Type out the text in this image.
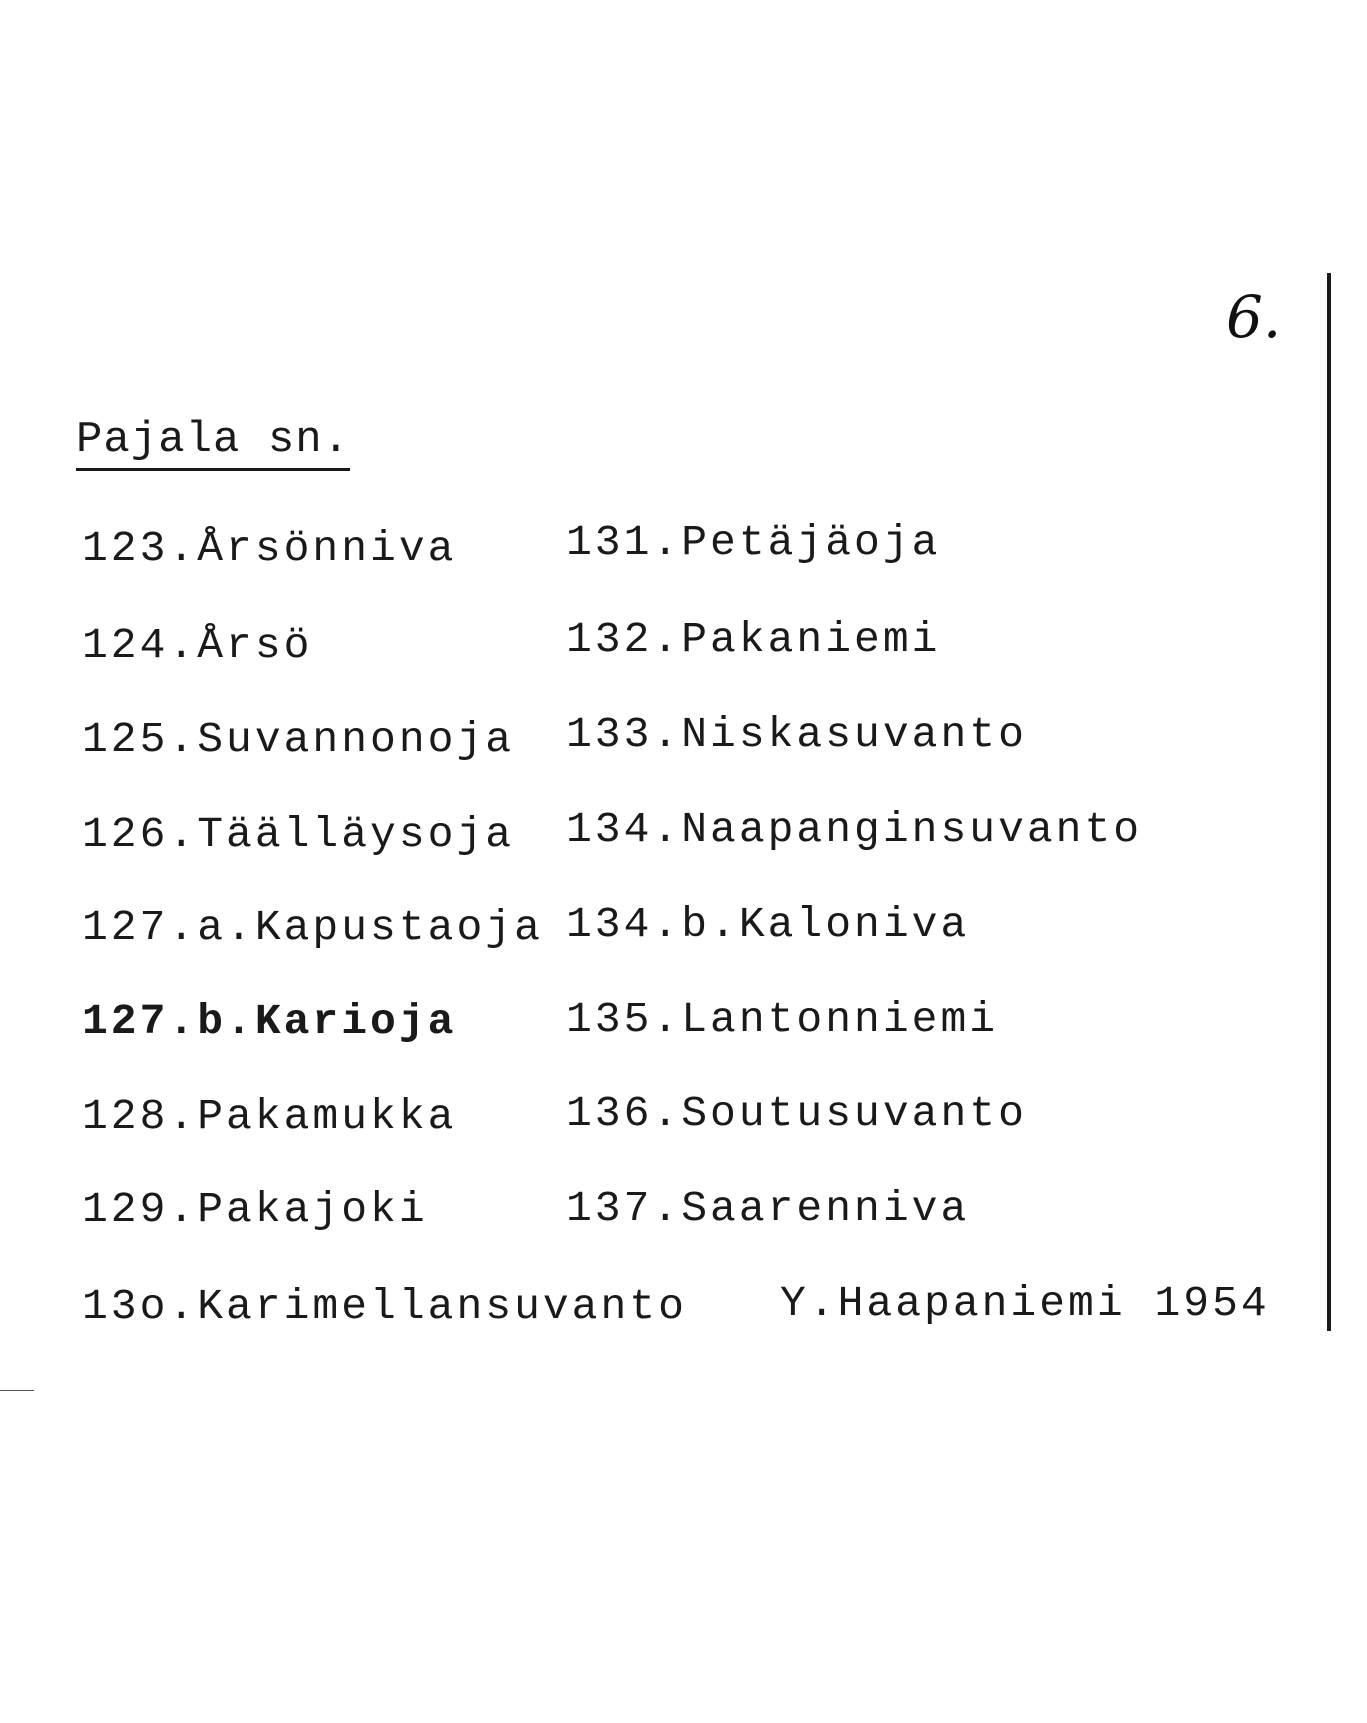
6.
Pajala sn.
123.Årsönniva
124.Årsö
125.Suvannonoja
126.Täälläysoja
127.a.Kapustaoja
127.b.Karioja
128.Pakamukka
129.Pakajoki
13o.Karimellansuvanto
131.Petäjäoja
132.Pakaniemi
133.Niskasuvanto
134.Naapanginsuvanto
134.b.Kaloniva
135.Lantonniemi
136.Soutusuvanto
137.Saarenniva
Y.Haapaniemi 1954
